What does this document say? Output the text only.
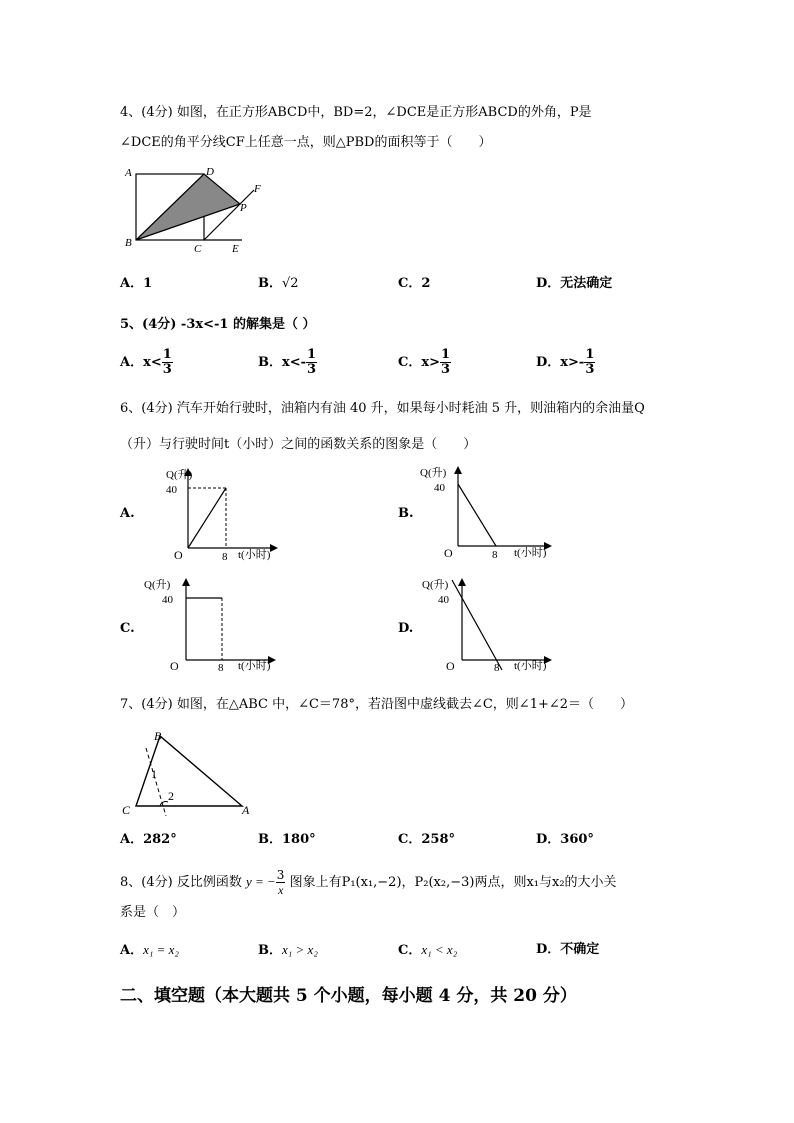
4、(4分) 如图，在正方形ABCD中，BD=2，∠DCE是正方形ABCD的外角，P是
∠DCE的角平分线CF上任意一点，则△PBD的面积等于（　　）
A	D
B	C	E
F
P
A．1	B．√2	C．2	D．无法确定
5、(4分) -3x<-1 的解集是（ ）
A．$x< \frac{1}{3}$	B．$x<- \frac{1}{3}$	C．$x> \frac{1}{3}$	D．$x>- \frac{1}{3}$
6、(4分) 汽车开始行驶时，油箱内有油 40 升，如果每小时耗油 5 升，则油箱内的余油量Q
（升）与行驶时间t（小时）之间的函数关系的图象是（　　）
A.
Q(升)
40
O	8 t(小时)
B.
Q(升)
40
O	8 t(小时)
C.
Q(升)
40
O	8 t(小时)
D.
Q(升)
40
O	8 t(小时)
7、(4分) 如图，在△ABC 中，∠C＝78°，若沿图中虚线截去∠C，则∠1+∠2＝（　　）
B
C	A
1
2
A．282°	B．180°	C．258°	D．360°
8、(4分) 反比例函数 y = − $\frac{3}{x}$ 图象上有P₁(x₁,−2)，P₂(x₂,−3)两点，则x₁与x₂的大小关
系是（　）
A．x₁ = x₂	B．x₁ > x₂	C．x₁ < x₂	D．不确定
二、填空题（本大题共 5 个小题，每小题 4 分，共 20 分）
